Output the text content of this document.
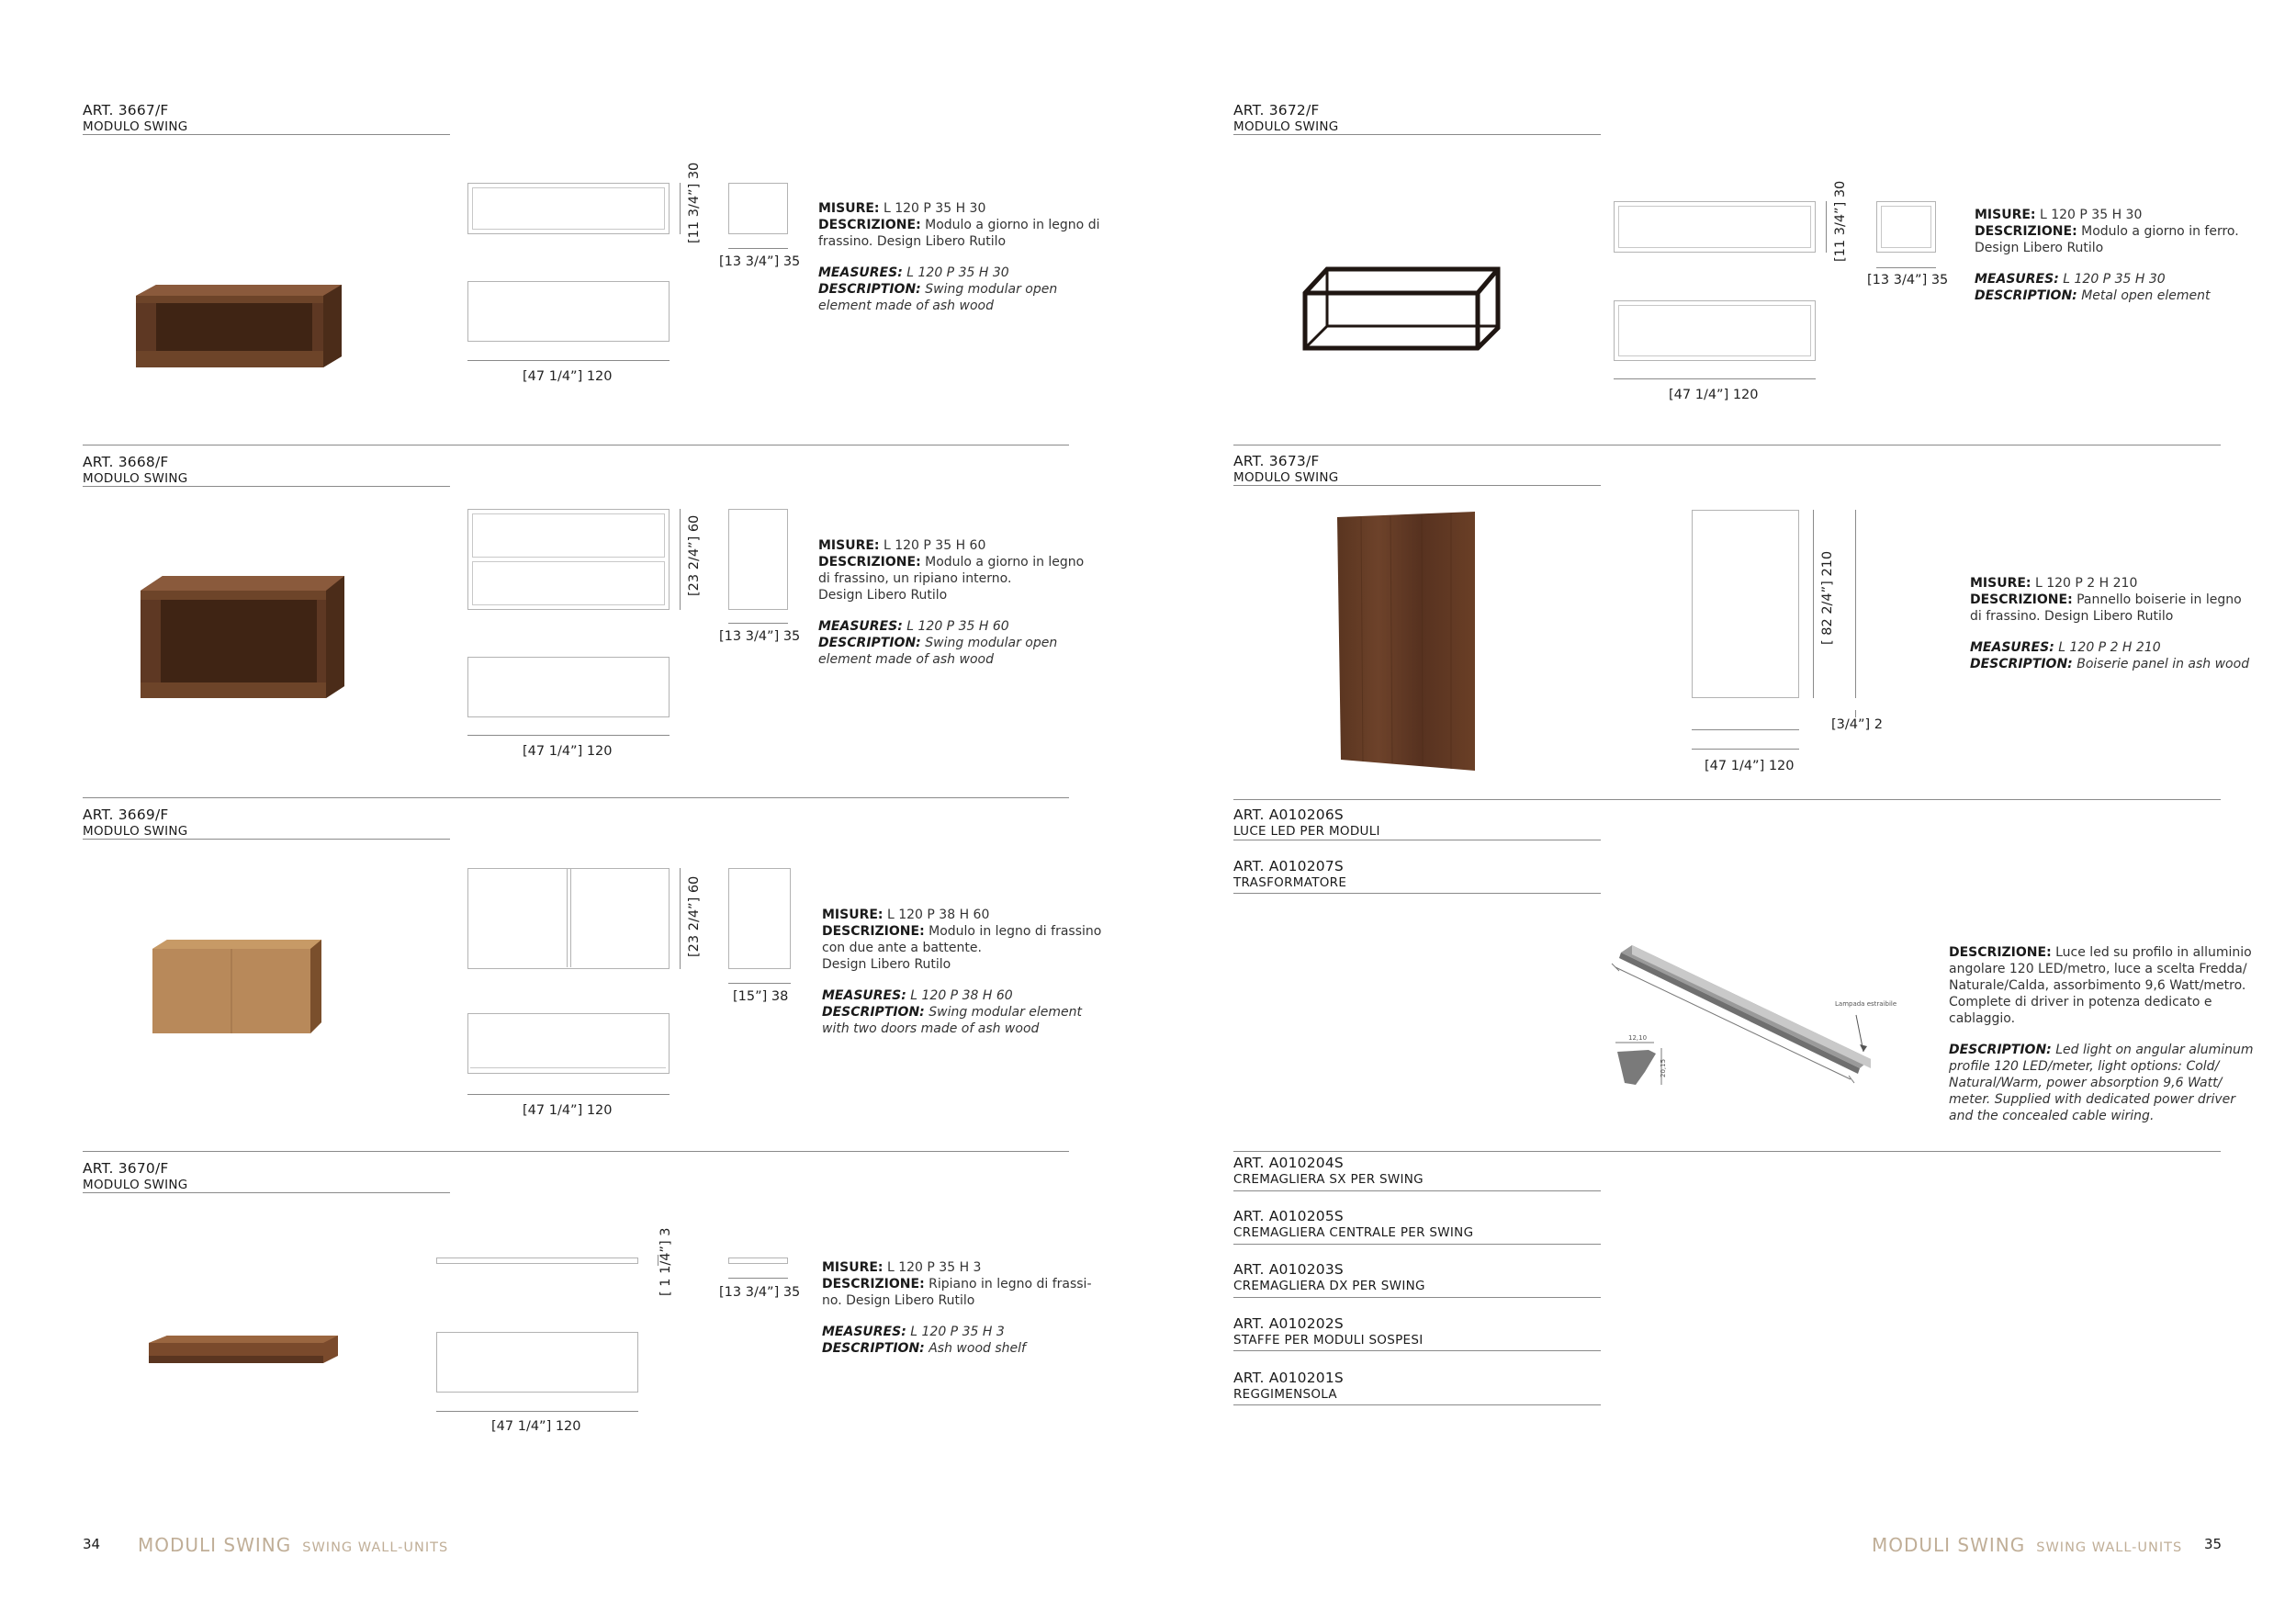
ART. 3667/F
MODULO SWING
[47 1/4”] 120
[11 3/4”] 30
[13 3/4”] 35
MISURE: L 120 P 35 H 30
DESCRIZIONE: Modulo a giorno in legno di
frassino. Design Libero Rutilo
MEASURES: L 120 P 35 H 30
DESCRIPTION: Swing modular open
element made of ash wood
ART. 3668/F
MODULO SWING
[47 1/4”] 120
[23 2/4”] 60
[13 3/4”] 35
MISURE: L 120 P 35 H 60
DESCRIZIONE: Modulo a giorno in legno
di frassino, un ripiano interno.
Design Libero Rutilo
MEASURES: L 120 P 35 H 60
DESCRIPTION: Swing modular open
element made of ash wood
ART. 3669/F
MODULO SWING
[47 1/4”] 120
[23 2/4”] 60
[15”] 38
MISURE: L 120 P 38 H 60
DESCRIZIONE: Modulo in legno di frassino
con due ante a battente.
Design Libero Rutilo
MEASURES: L 120 P 38 H 60
DESCRIPTION: Swing modular element
with two doors made of ash wood
ART. 3670/F
MODULO SWING
[47 1/4”] 120
[ 1 1/4”] 3	[13 3/4”] 35
MISURE: L 120 P 35 H 3
DESCRIZIONE: Ripiano in legno di frassi-
no. Design Libero Rutilo
MEASURES: L 120 P 35 H 3
DESCRIPTION: Ash wood shelf
34 MODULI SWING SWING WALL-UNITS
ART. 3672/F
MODULO SWING
[47 1/4”] 120
[11 3/4”] 30
[13 3/4”] 35
MISURE: L 120 P 35 H 30
DESCRIZIONE: Modulo a giorno in ferro.
Design Libero Rutilo
MEASURES: L 120 P 35 H 30
DESCRIPTION: Metal open element
ART. 3673/F
MODULO SWING
[47 1/4”] 120
[ 82 2/4”] 210
[3/4”] 2
MISURE: L 120 P 2 H 210
DESCRIZIONE: Pannello boiserie in legno
di frassino. Design Libero Rutilo
MEASURES: L 120 P 2 H 210
DESCRIPTION: Boiserie panel in ash wood
ART. A010206S
LUCE LED PER MODULI
ART. A010207S
TRASFORMATORE
Lampada estraibile
12,10
20,15
DESCRIZIONE: Luce led su profilo in alluminio
angolare 120 LED/metro, luce a scelta Fredda/
Naturale/Calda, assorbimento 9,6 Watt/metro.
Complete di driver in potenza dedicato e
cablaggio.
DESCRIPTION: Led light on angular aluminum
profile 120 LED/meter, light options: Cold/
Natural/Warm, power absorption 9,6 Watt/
meter. Supplied with dedicated power driver
and the concealed cable wiring.
ART. A010204S
CREMAGLIERA SX PER SWING
ART. A010205S
CREMAGLIERA CENTRALE PER SWING
ART. A010203S
CREMAGLIERA DX PER SWING
ART. A010202S
STAFFE PER MODULI SOSPESI
ART. A010201S
REGGIMENSOLA
MODULI SWING SWING WALL-UNITS 35
